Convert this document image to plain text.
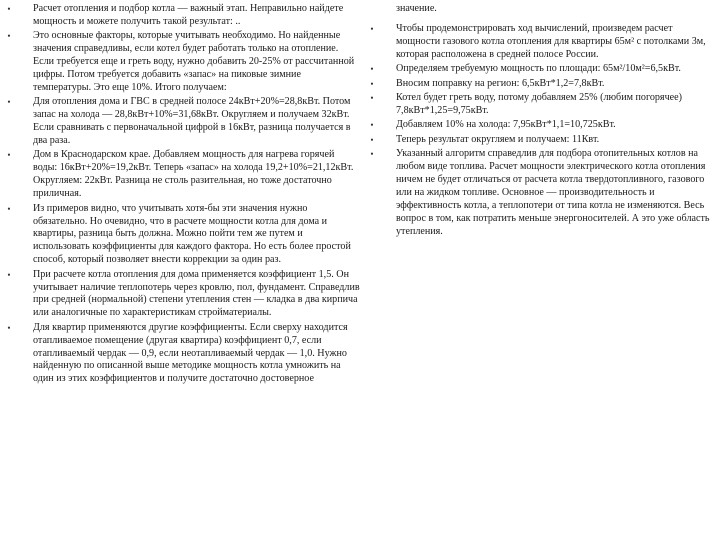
•	Расчет отопления и подбор котла — важный этап. Неправильно найдете мощность и можете получить такой результат: ..
•	Это основные факторы, которые учитывать необходимо. Но найденные значения справедливы, если котел будет работать только на отопление. Если требуется еще и греть воду, нужно добавить 20-25% от рассчитанной цифры. Потом требуется добавить «запас» на пиковые зимние температуры. Это еще 10%. Итого получаем:
•	Для отопления дома и ГВС в средней полосе 24кВт+20%=28,8кВт. Потом запас на холода — 28,8кВт+10%=31,68кВт. Округляем и получаем 32кВт. Если сравнивать с первоначальной цифрой в 16кВт, разница получается в два раза.
•	Дом в Краснодарском крае. Добавляем мощность для нагрева горячей воды: 16кВт+20%=19,2кВт. Теперь «запас» на холода 19,2+10%=21,12кВт. Округляем: 22кВт. Разница не столь разительная, но тоже достаточно приличная.
•	Из примеров видно, что учитывать хотя-бы эти значения нужно обязательно. Но очевидно, что в расчете мощности котла для дома и квартиры, разница быть должна. Можно пойти тем же путем и использовать коэффициенты для каждого фактора. Но есть более простой способ, который позволяет внести коррекции за один раз.
•	При расчете котла отопления для дома применяется коэффициент 1,5. Он учитывает наличие теплопотерь через кровлю, пол, фундамент. Справедлив при средней (нормальной) степени утепления стен — кладка в два кирпича или аналогичные по характеристикам стройматериалы.
•	Для квартир применяются другие коэффициенты. Если сверху находится отапливаемое помещение (другая квартира) коэффициент 0,7, если отапливаемый чердак — 0,9, если неотапливаемый чердак — 1,0. Нужно найденную по описанной выше методике мощность котла умножить на один из этих коэффициентов и получите достаточно достоверное
значение.
•	Чтобы продемонстрировать ход вычислений, произведем расчет мощности газового котла отопления для квартиры 65м² с потолками 3м, которая расположена в средней полосе России.
•	Определяем требуемую мощность по площади: 65м²/10м²=6,5кВт.
•	Вносим поправку на регион: 6,5кВт*1,2=7,8кВт.
•	Котел будет греть воду, потому добавляем 25% (любим погорячее) 7,8кВт*1,25=9,75кВт.
•	Добавляем 10% на холода: 7,95кВт*1,1=10,725кВт.
•	Теперь результат округляем и получаем: 11Квт.
•	Указанный алгоритм справедлив для подбора отопительных котлов на любом виде топлива. Расчет мощности электрического котла отопления ничем не будет отличаться от расчета котла твердотопливного, газового или на жидком топливе. Основное — производительность и эффективность котла, а теплопотери от типа котла не изменяются. Весь вопрос в том, как потратить меньше энергоносителей. А это уже область утепления.
